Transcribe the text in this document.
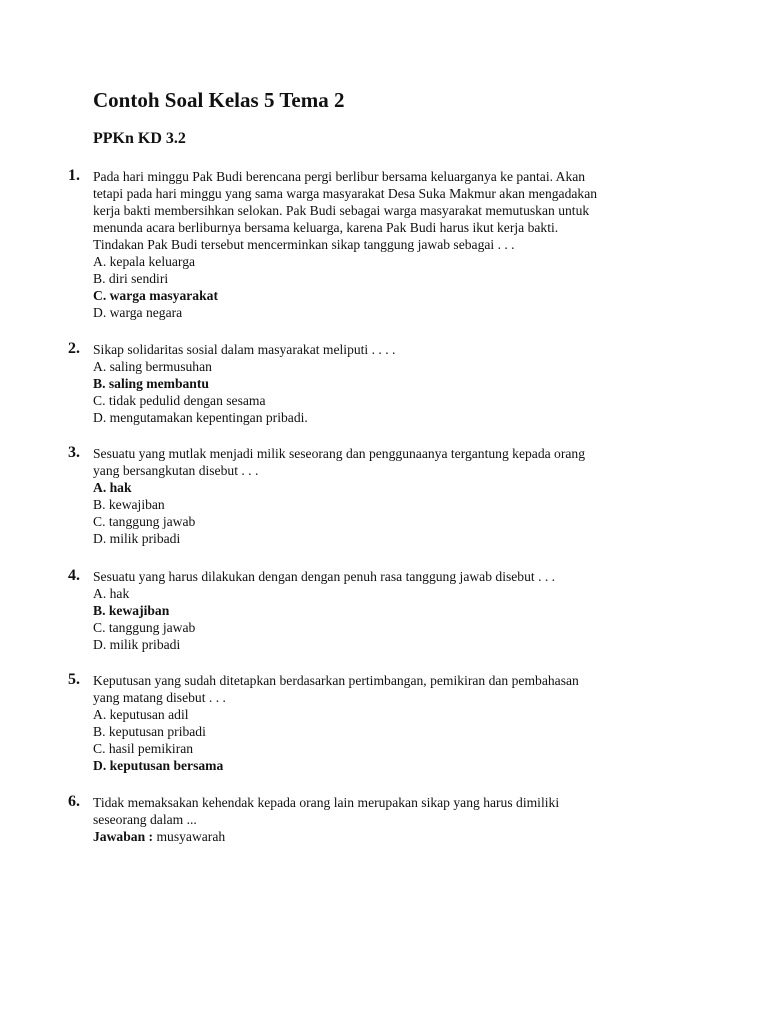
Contoh Soal Kelas 5 Tema 2
PPKn KD 3.2
1. Pada hari minggu Pak Budi berencana pergi berlibur bersama keluarganya ke pantai. Akan
tetapi pada hari minggu yang sama warga masyarakat Desa Suka Makmur akan mengadakan
kerja bakti membersihkan selokan. Pak Budi sebagai warga masyarakat memutuskan untuk
menunda acara berliburnya bersama keluarga, karena Pak Budi harus ikut kerja bakti.
Tindakan Pak Budi tersebut mencerminkan sikap tanggung jawab sebagai . . .
A. kepala keluarga
B. diri sendiri
C. warga masyarakat
D. warga negara
2. Sikap solidaritas sosial dalam masyarakat meliputi . . . .
A. saling bermusuhan
B. saling membantu
C. tidak pedulid dengan sesama
D. mengutamakan kepentingan pribadi.
3. Sesuatu yang mutlak menjadi milik seseorang dan penggunaanya tergantung kepada orang
yang bersangkutan disebut . . .
A. hak
B. kewajiban
C. tanggung jawab
D. milik pribadi
4. Sesuatu yang harus dilakukan dengan dengan penuh rasa tanggung jawab disebut . . .
A. hak
B. kewajiban
C. tanggung jawab
D. milik pribadi
5. Keputusan yang sudah ditetapkan berdasarkan pertimbangan, pemikiran dan pembahasan
yang matang disebut . . .
A. keputusan adil
B. keputusan pribadi
C. hasil pemikiran
D. keputusan bersama
6. Tidak memaksakan kehendak kepada orang lain merupakan sikap yang harus dimiliki
seseorang dalam ...
Jawaban : musyawarah
